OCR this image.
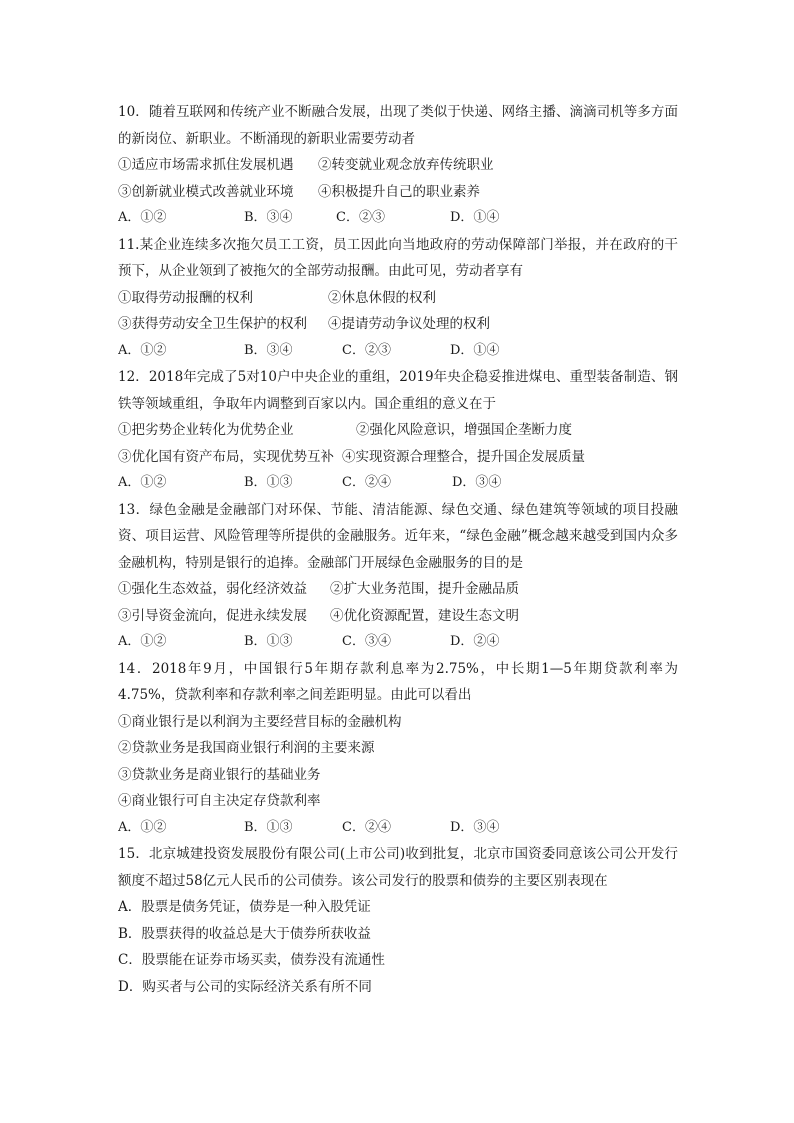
10．随着互联网和传统产业不断融合发展，出现了类似于快递、网络主播、滴滴司机等多方面的新岗位、新职业。不断涌现的新职业需要劳动者
①适应市场需求抓住发展机遇 ②转变就业观念放弃传统职业
③创新就业模式改善就业环境 ④积极提升自己的职业素养
A．①②	B．③④	C．②③	D．①④
11.某企业连续多次拖欠员工工资，员工因此向当地政府的劳动保障部门举报，并在政府的干预下，从企业领到了被拖欠的全部劳动报酬。由此可见，劳动者享有
①取得劳动报酬的权利	②休息休假的权利
③获得劳动安全卫生保护的权利 ④提请劳动争议处理的权利
A．①②	B．③④	C．②③	D．①④
12．2018年完成了5对10户中央企业的重组，2019年央企稳妥推进煤电、重型装备制造、钢铁等领域重组，争取年内调整到百家以内。国企重组的意义在于
①把劣势企业转化为优势企业	②强化风险意识，增强国企垄断力度
③优化国有资产布局，实现优势互补 ④实现资源合理整合，提升国企发展质量
A．①②	B．①③	C．②④	D．③④
13．绿色金融是金融部门对环保、节能、清洁能源、绿色交通、绿色建筑等领域的项目投融资、项目运营、风险管理等所提供的金融服务。近年来，“绿色金融”概念越来越受到国内众多金融机构，特别是银行的追捧。金融部门开展绿色金融服务的目的是
①强化生态效益，弱化经济效益 ②扩大业务范围，提升金融品质
③引导资金流向，促进永续发展 ④优化资源配置，建设生态文明
A．①②	B．①③	C．③④	D．②④
14．2018年9月，中国银行5年期存款利息率为2.75%，中长期1—5年期贷款利率为4.75%，贷款利率和存款利率之间差距明显。由此可以看出
①商业银行是以利润为主要经营目标的金融机构
②贷款业务是我国商业银行利润的主要来源
③贷款业务是商业银行的基础业务
④商业银行可自主决定存贷款利率
A．①②	B．①③	C．②④	D．③④
15．北京城建投资发展股份有限公司(上市公司)收到批复，北京市国资委同意该公司公开发行额度不超过58亿元人民币的公司债券。该公司发行的股票和债券的主要区别表现在
A．股票是债务凭证，债券是一种入股凭证
B．股票获得的收益总是大于债券所获收益
C．股票能在证券市场买卖，债券没有流通性
D．购买者与公司的实际经济关系有所不同
